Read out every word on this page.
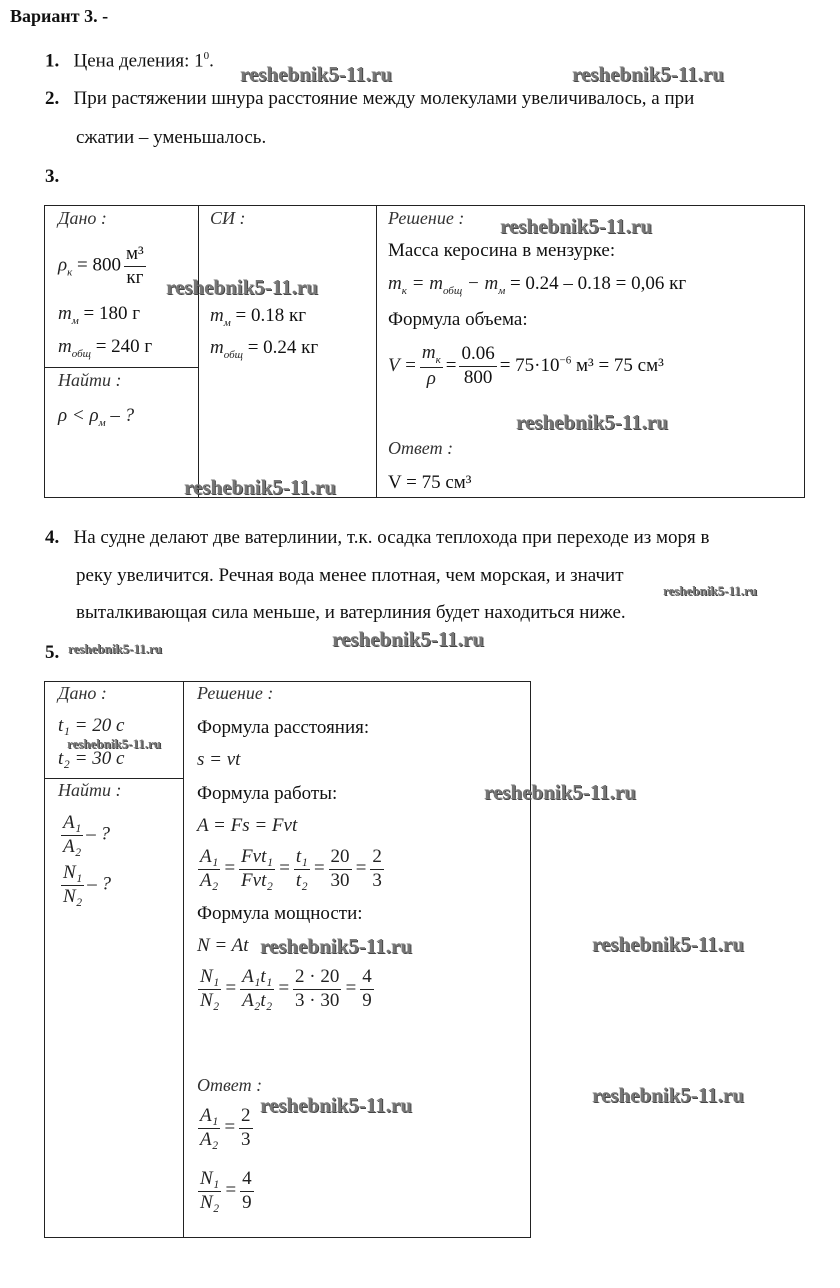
Вариант 3. -
1. Цена деления: $1^0$.
2. При растяжении шнура расстояние между молекулами увеличивалось, а при
сжатии – уменьшалось.
3.
Дано :
$\rho_к = 800 \frac{\text{м³}}{кг}$
$m_м = 180$ г
$m_{общ} = 240$ г
Найти :
$\rho < \rho_м$ – ?
СИ :
$m_м = 0.18$ кг
$m_{общ} = 0.24$ кг
Решение :
Масса керосина в мензурке:
$m_к = m_{общ} - m_м = 0.24 - 0.18 = 0,06$ кг
Формула объема:
$V = \frac{m_к}{\rho} = \frac{0.06}{800} = 75\cdot 10^{-6}$ м³ = 75 см³
Ответ :
V = 75 см³
4. На судне делают две ватерлинии, т.к. осадка теплохода при переходе из моря в
реку увеличится. Речная вода менее плотная, чем морская, и значит
выталкивающая сила меньше, и ватерлиния будет находиться ниже.
5.
Дано :
t₁ = 20 с
t₂ = 30 с
Найти :
$\frac{\text{A₁}}{\text{A₂}}$ – ?
$\frac{\text{N₁}}{\text{N₂}}$ – ?
Решение :
Формула расстояния:
s = vt
Формула работы:
A = Fs = Fvt
$\frac{\text{A₁}}{\text{A₂}} = \frac{\text{Fvt₁}}{\text{Fvt₂}} = \frac{\text{t₁}}{\text{t₂}} = \frac{20}{30} = \frac{2}{3}$
Формула мощности:
N = At
$\frac{\text{N₁}}{\text{N₂}} = \frac{\text{A₁t₁}}{\text{A₂t₂}} = \frac{2 \cdot 20}{3 \cdot 30} = \frac{4}{9}$
Ответ :
$\frac{\text{A₁}}{\text{A₂}} = \frac{2}{3}$
$\frac{\text{N₁}}{\text{N₂}} = \frac{4}{9}$
reshebnik5-11.ru	reshebnik5-11.ru
reshebnik5-11.ru
reshebnik5-11.ru
reshebnik5-11.ru
reshebnik5-11.ru
reshebnik5-11.ru
reshebnik5-11.ru
reshebnik5-11.ru
reshebnik5-11.ru
reshebnik5-11.ru
reshebnik5-11.ru	reshebnik5-11.ru
reshebnik5-11.ru	reshebnik5-11.ru
